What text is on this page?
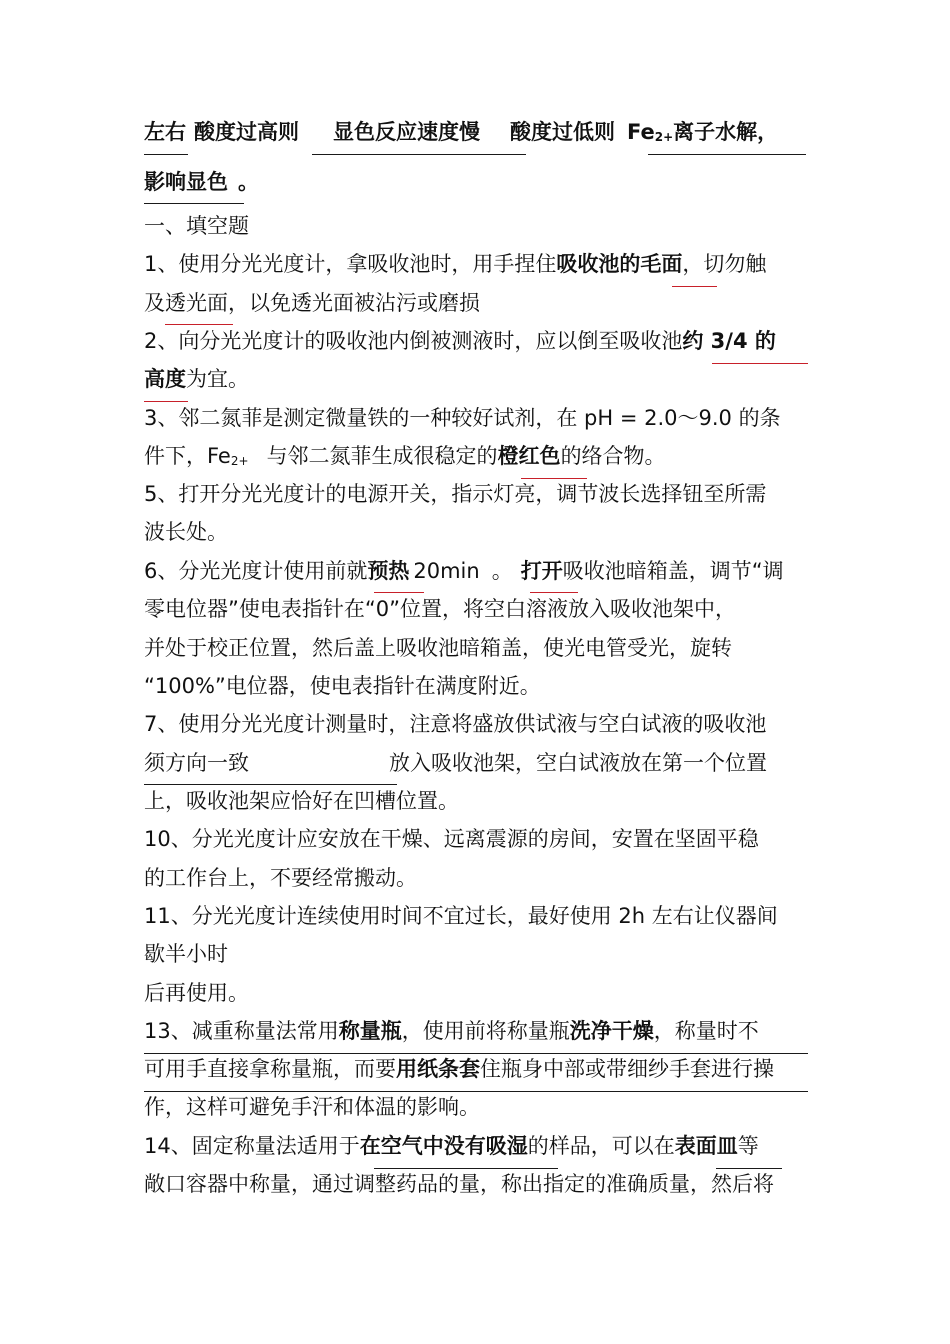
左右 酸度过高则 显色反应速度慢 酸度过低则 $Fe_{2+}$离子水解，
影响显色 。
一、填空题
1、使用分光光度计，拿吸收池时，用手捏住吸收池的毛面，切勿触
及透光面，以免透光面被沾污或磨损
2、向分光光度计的吸收池内倒被测液时，应以倒至吸收池约 3/4 的
高度为宜。
3、邻二氮菲是测定微量铁的一种较好试剂，在 pH = 2.0～9.0 的条
件下，$Fe_{2+}$ 与邻二氮菲生成很稳定的橙红色的络合物。
5、打开分光光度计的电源开关，指示灯亮，调节波长选择钮至所需
波长处。
6、分光光度计使用前就预热 20min 。 打开吸收池暗箱盖，调节“调
零电位器”使电表指针在“0”位置，将空白溶液放入吸收池架中，
并处于校正位置，然后盖上吸收池暗箱盖，使光电管受光，旋转
“100%”电位器，使电表指针在满度附近。
7、使用分光光度计测量时，注意将盛放供试液与空白试液的吸收池
须方向一致	放入吸收池架，空白试液放在第一个位置
上，吸收池架应恰好在凹槽位置。
10、分光光度计应安放在干燥、远离震源的房间，安置在坚固平稳
的工作台上，不要经常搬动。
11、分光光度计连续使用时间不宜过长，最好使用 2h 左右让仪器间
歇半小时
后再使用。
13、减重称量法常用称量瓶，使用前将称量瓶洗净干燥，称量时不
可用手直接拿称量瓶，而要用纸条套住瓶身中部或带细纱手套进行操
作，这样可避免手汗和体温的影响。
14、固定称量法适用于在空气中没有吸湿的样品，可以在表面皿等
敞口容器中称量，通过调整药品的量，称出指定的准确质量，然后将
